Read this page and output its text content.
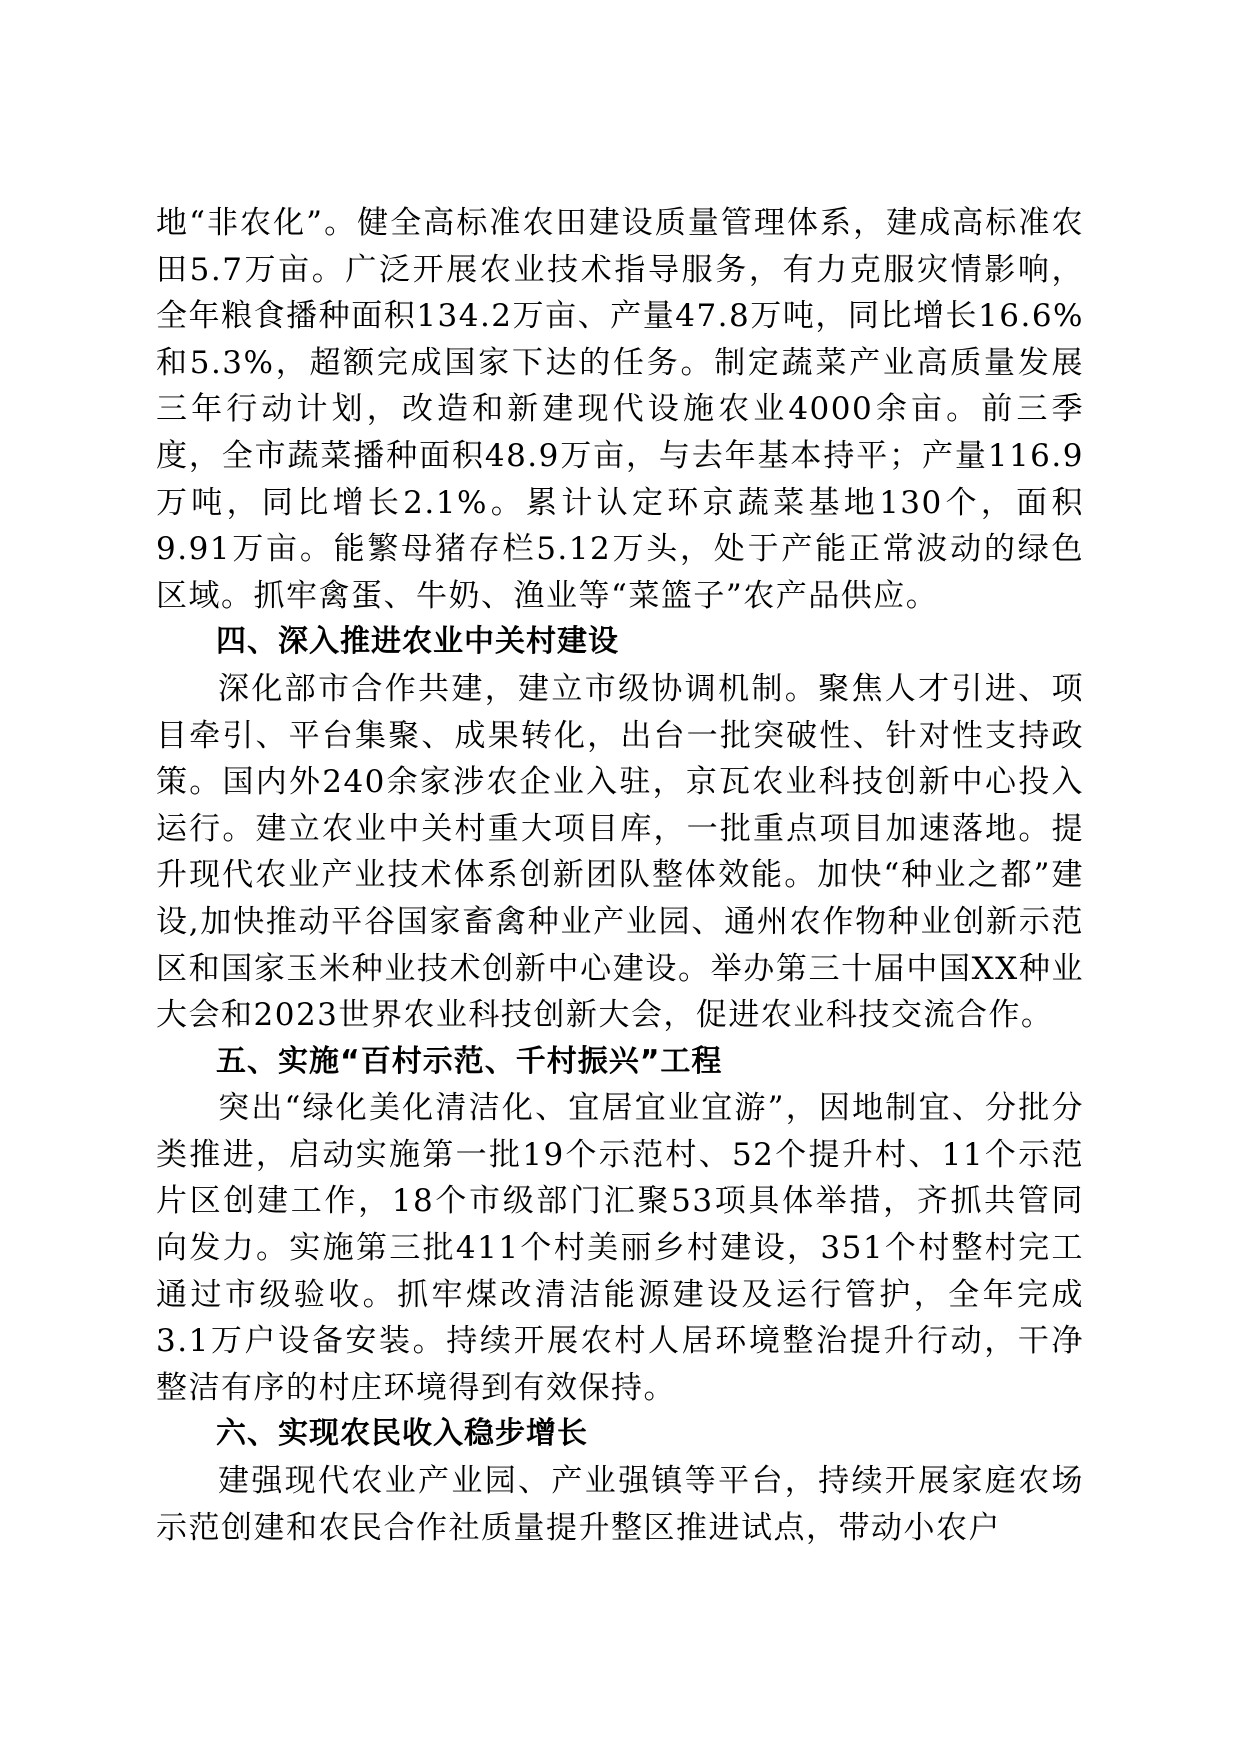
地“非农化”。健全高标准农田建设质量管理体系，建成高标准农田5.7万亩。广泛开展农业技术指导服务，有力克服灾情影响，全年粮食播种面积134.2万亩、产量47.8万吨，同比增长16.6%和5.3%，超额完成国家下达的任务。制定蔬菜产业高质量发展三年行动计划，改造和新建现代设施农业4000余亩。前三季度，全市蔬菜播种面积48.9万亩，与去年基本持平；产量116.9万吨，同比增长2.1%。累计认定环京蔬菜基地130个，面积9.91万亩。能繁母猪存栏5.12万头，处于产能正常波动的绿色区域。抓牢禽蛋、牛奶、渔业等“菜篮子”农产品供应。

四、深入推进农业中关村建设

深化部市合作共建，建立市级协调机制。聚焦人才引进、项目牵引、平台集聚、成果转化，出台一批突破性、针对性支持政策。国内外240余家涉农企业入驻，京瓦农业科技创新中心投入运行。建立农业中关村重大项目库，一批重点项目加速落地。提升现代农业产业技术体系创新团队整体效能。加快“种业之都”建设,加快推动平谷国家畜禽种业产业园、通州农作物种业创新示范区和国家玉米种业技术创新中心建设。举办第三十届中国XX种业大会和2023世界农业科技创新大会，促进农业科技交流合作。

五、实施“百村示范、千村振兴”工程

突出“绿化美化清洁化、宜居宜业宜游”，因地制宜、分批分类推进，启动实施第一批19个示范村、52个提升村、11个示范片区创建工作，18个市级部门汇聚53项具体举措，齐抓共管同向发力。实施第三批411个村美丽乡村建设，351个村整村完工通过市级验收。抓牢煤改清洁能源建设及运行管护，全年完成3.1万户设备安装。持续开展农村人居环境整治提升行动，干净整洁有序的村庄环境得到有效保持。

六、实现农民收入稳步增长

建强现代农业产业园、产业强镇等平台，持续开展家庭农场示范创建和农民合作社质量提升整区推进试点，带动小农户
